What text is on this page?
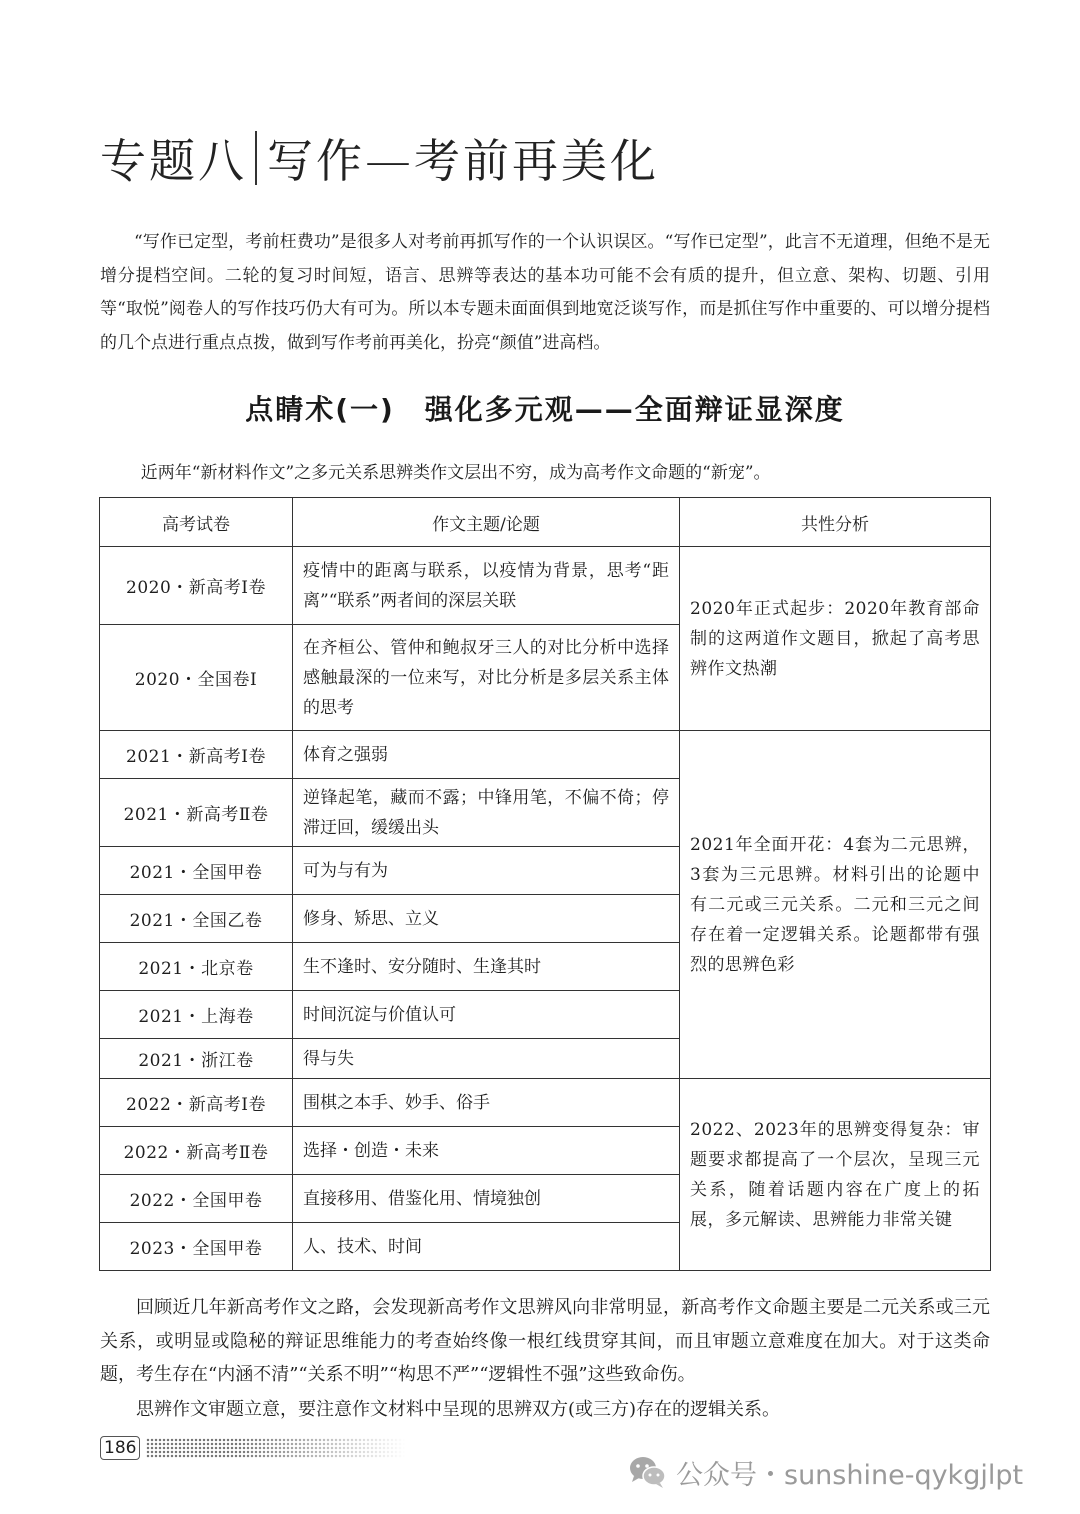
专题八 写作—考前再美化

“写作已定型，考前枉费功”是很多人对考前再抓写作的一个认识误区。“写作已定型”，此言不无道理，但绝不是无增分提档空间。二轮的复习时间短，语言、思辨等表达的基本功可能不会有质的提升，但立意、架构、切题、引用等“取悦”阅卷人的写作技巧仍大有可为。所以本专题未面面俱到地宽泛谈写作，而是抓住写作中重要的、可以增分提档的几个点进行重点点拨，做到写作考前再美化，扮亮“颜值”进高档。

点睛术(一)　强化多元观——全面辩证显深度

近两年“新材料作文”之多元关系思辨类作文层出不穷，成为高考作文命题的“新宠”。

高考试卷	作文主题/论题	共性分析
2020・新高考Ⅰ卷	疫情中的距离与联系，以疫情为背景，思考“距离”“联系”两者间的深层关联	2020年正式起步：2020年教育部命制的这两道作文题目，掀起了高考思辨作文热潮
2020・全国卷Ⅰ	在齐桓公、管仲和鲍叔牙三人的对比分析中选择感触最深的一位来写，对比分析是多层关系主体的思考	
2021・新高考Ⅰ卷	体育之强弱	2021年全面开花：4套为二元思辨，3套为三元思辨。材料引出的论题中有二元或三元关系。二元和三元之间存在着一定逻辑关系。论题都带有强烈的思辨色彩
2021・新高考Ⅱ卷	逆锋起笔，藏而不露；中锋用笔，不偏不倚；停滞迂回，缓缓出头	
2021・全国甲卷	可为与有为	
2021・全国乙卷	修身、矫思、立义	
2021・北京卷	生不逢时、安分随时、生逢其时	
2021・上海卷	时间沉淀与价值认可	
2021・浙江卷	得与失	
2022・新高考Ⅰ卷	围棋之本手、妙手、俗手	2022、2023年的思辨变得复杂：审题要求都提高了一个层次，呈现三元关系，随着话题内容在广度上的拓展，多元解读、思辨能力非常关键
2022・新高考Ⅱ卷	选择・创造・未来	
2022・全国甲卷	直接移用、借鉴化用、情境独创	
2023・全国甲卷	人、技术、时间	

回顾近几年新高考作文之路，会发现新高考作文思辨风向非常明显，新高考作文命题主要是二元关系或三元关系，或明显或隐秘的辩证思维能力的考查始终像一根红线贯穿其间，而且审题立意难度在加大。对于这类命题，考生存在“内涵不清”“关系不明”“构思不严”“逻辑性不强”这些致命伤。

思辨作文审题立意，要注意作文材料中呈现的思辨双方(或三方)存在的逻辑关系。

186
公众号・sunshine-qykgjlpt
